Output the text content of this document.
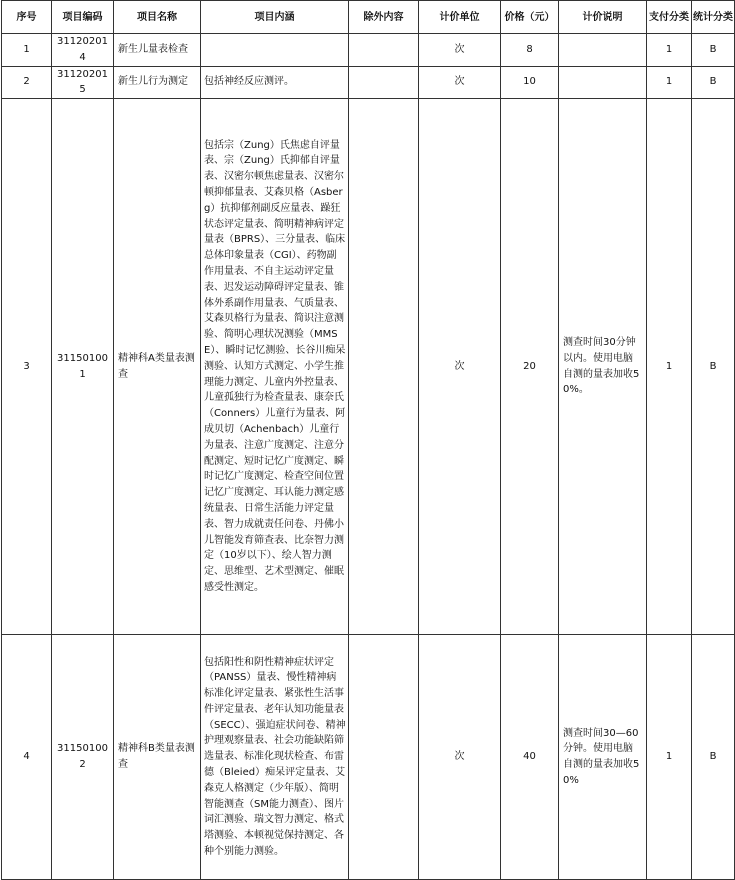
序号	项目编码	项目名称	项目内涵	除外内容	计价单位	价格（元）	计价说明	支付分类	统计分类
1	311202014	新生儿量表检查			次	8		1	B
2	311202015	新生儿行为测定	包括神经反应测评。		次	10		1	B
3	311501001	精神科A类量表测查	包括宗（Zung）氏焦虑自评量表、宗（Zung）氏抑郁自评量表、汉密尔顿焦虑量表、汉密尔顿抑郁量表、艾森贝格（Asberg）抗抑郁剂副反应量表、躁狂状态评定量表、简明精神病评定量表（BPRS）、三分量表、临床总体印象量表（CGI）、药物副作用量表、不自主运动评定量表、迟发运动障碍评定量表、锥体外系副作用量表、气质量表、艾森贝格行为量表、简识注意测验、简明心理状况测验（MMSE）、瞬时记忆测验、长谷川痴呆测验、认知方式测定、小学生推理能力测定、儿童内外控量表、儿童孤独行为检查量表、康奈氏（Conners）儿童行为量表、阿成贝切（Achenbach）儿童行为量表、注意广度测定、注意分配测定、短时记忆广度测定、瞬时记忆广度测定、检查空间位置记忆广度测定、耳认能力测定感统量表、日常生活能力评定量表、智力成就责任问卷、丹佛小儿智能发育筛查表、比奈智力测定（10岁以下）、绘人智力测定、思维型、艺术型测定、催眠感受性测定。		次	20	测查时间30分钟以内。使用电脑自测的量表加收50%。	1	B
4	311501002	精神科B类量表测查	包括阳性和阴性精神症状评定（PANSS）量表、慢性精神病标准化评定量表、紧张性生活事件评定量表、老年认知功能量表（SECC）、强迫症状问卷、精神护理观察量表、社会功能缺陷筛选量表、标准化现状检查、布雷德（Bleied）痴呆评定量表、艾森克人格测定（少年版）、简明智能测查（SM能力测查）、图片词汇测验、瑞文智力测定、格式塔测验、本顿视觉保持测定、各种个别能力测验。		次	40	测查时间30—60分钟。使用电脑自测的量表加收50%	1	B
